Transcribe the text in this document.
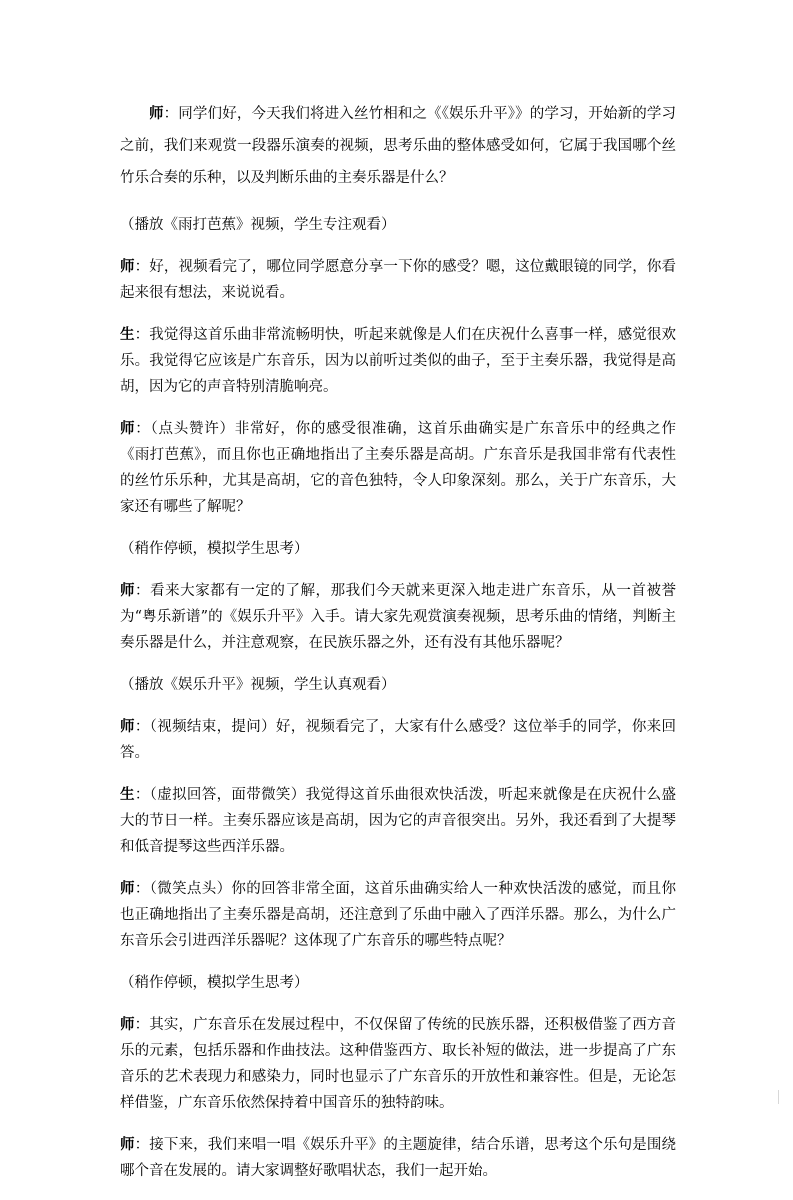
师：同学们好，今天我们将进入丝竹相和之《《娱乐升平》》的学习，开始新的学习之前，我们来观赏一段器乐演奏的视频，思考乐曲的整体感受如何，它属于我国哪个丝竹乐合奏的乐种，以及判断乐曲的主奏乐器是什么？

（播放《雨打芭蕉》视频，学生专注观看）

师：好，视频看完了，哪位同学愿意分享一下你的感受？嗯，这位戴眼镜的同学，你看起来很有想法，来说说看。

生：我觉得这首乐曲非常流畅明快，听起来就像是人们在庆祝什么喜事一样，感觉很欢乐。我觉得它应该是广东音乐，因为以前听过类似的曲子，至于主奏乐器，我觉得是高胡，因为它的声音特别清脆响亮。

师：（点头赞许）非常好，你的感受很准确，这首乐曲确实是广东音乐中的经典之作《雨打芭蕉》，而且你也正确地指出了主奏乐器是高胡。广东音乐是我国非常有代表性的丝竹乐乐种，尤其是高胡，它的音色独特，令人印象深刻。那么，关于广东音乐，大家还有哪些了解呢？

（稍作停顿，模拟学生思考）

师：看来大家都有一定的了解，那我们今天就来更深入地走进广东音乐，从一首被誉为“粤乐新谱”的《娱乐升平》入手。请大家先观赏演奏视频，思考乐曲的情绪，判断主奏乐器是什么，并注意观察，在民族乐器之外，还有没有其他乐器呢？

（播放《娱乐升平》视频，学生认真观看）

师：（视频结束，提问）好，视频看完了，大家有什么感受？这位举手的同学，你来回答。

生：（虚拟回答，面带微笑）我觉得这首乐曲很欢快活泼，听起来就像是在庆祝什么盛大的节日一样。主奏乐器应该是高胡，因为它的声音很突出。另外，我还看到了大提琴和低音提琴这些西洋乐器。

师：（微笑点头）你的回答非常全面，这首乐曲确实给人一种欢快活泼的感觉，而且你也正确地指出了主奏乐器是高胡，还注意到了乐曲中融入了西洋乐器。那么，为什么广东音乐会引进西洋乐器呢？这体现了广东音乐的哪些特点呢？

（稍作停顿，模拟学生思考）

师：其实，广东音乐在发展过程中，不仅保留了传统的民族乐器，还积极借鉴了西方音乐的元素，包括乐器和作曲技法。这种借鉴西方、取长补短的做法，进一步提高了广东音乐的艺术表现力和感染力，同时也显示了广东音乐的开放性和兼容性。但是，无论怎样借鉴，广东音乐依然保持着中国音乐的独特韵味。

师：接下来，我们来唱一唱《娱乐升平》的主题旋律，结合乐谱，思考这个乐句是围绕哪个音在发展的。请大家调整好歌唱状态，我们一起开始。
